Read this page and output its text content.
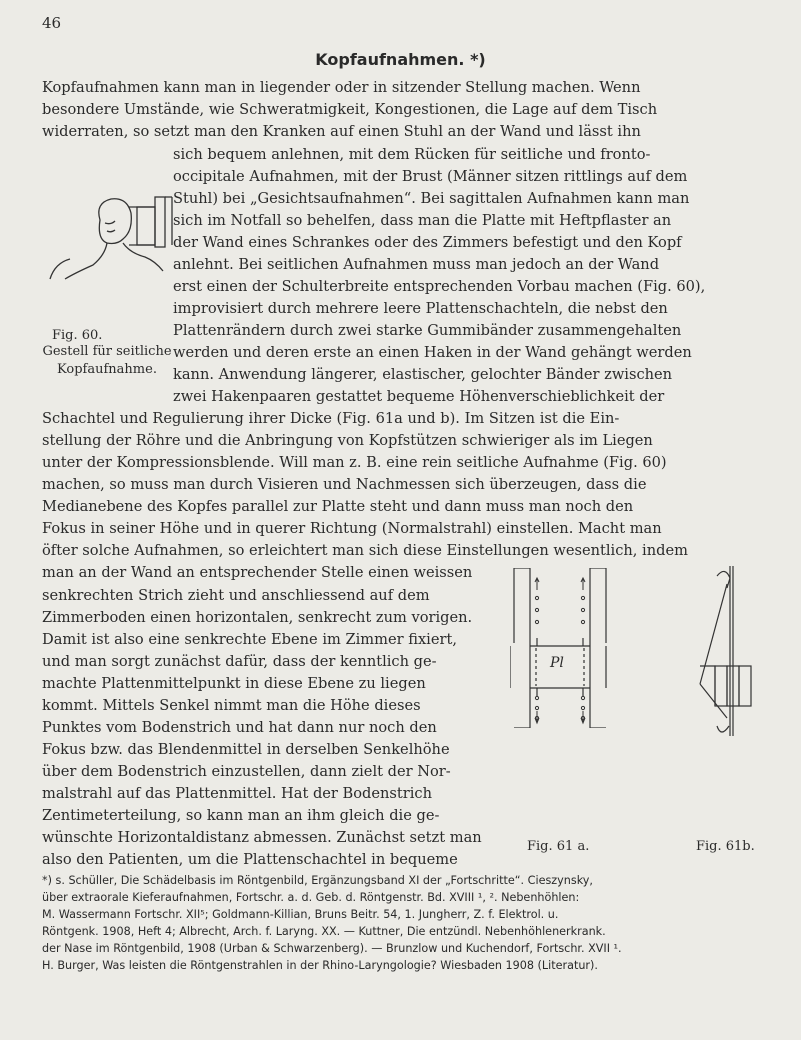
46
Kopfaufnahmen. *)
Kopfaufnahmen kann man in liegender oder in sitzender Stellung machen. Wenn
besondere Umstände, wie Schweratmigkeit, Kongestionen, die Lage auf dem Tisch
widerraten, so setzt man den Kranken auf einen Stuhl an der Wand und lässt ihn
sich bequem anlehnen, mit dem Rücken für seitliche und fronto-
occipitale Aufnahmen, mit der Brust (Männer sitzen rittlings auf dem
Stuhl) bei „Gesichtsaufnahmen“. Bei sagittalen Aufnahmen kann man
sich im Notfall so behelfen, dass man die Platte mit Heftpflaster an
der Wand eines Schrankes oder des Zimmers befestigt und den Kopf
anlehnt. Bei seitlichen Aufnahmen muss man jedoch an der Wand
erst einen der Schulterbreite entsprechenden Vorbau machen (Fig. 60),
improvisiert durch mehrere leere Plattenschachteln, die nebst den
Plattenrändern durch zwei starke Gummibänder zusammengehalten
werden und deren erste an einen Haken in der Wand gehängt werden
kann. Anwendung längerer, elastischer, gelochter Bänder zwischen
zwei Hakenpaaren gestattet bequeme Höhenverschieblichkeit der
Schachtel und Regulierung ihrer Dicke (Fig. 61a und b). Im Sitzen ist die Ein-
stellung der Röhre und die Anbringung von Kopfstützen schwieriger als im Liegen
unter der Kompressionsblende. Will man z. B. eine rein seitliche Aufnahme (Fig. 60)
machen, so muss man durch Visieren und Nachmessen sich überzeugen, dass die
Medianebene des Kopfes parallel zur Platte steht und dann muss man noch den
Fokus in seiner Höhe und in querer Richtung (Normalstrahl) einstellen. Macht man
öfter solche Aufnahmen, so erleichtert man sich diese Einstellungen wesentlich, indem
man an der Wand an entsprechender Stelle einen weissen
senkrechten Strich zieht und anschliessend auf dem
Zimmerboden einen horizontalen, senkrecht zum vorigen.
Damit ist also eine senkrechte Ebene im Zimmer fixiert,
und man sorgt zunächst dafür, dass der kenntlich ge-
machte Plattenmittelpunkt in diese Ebene zu liegen
kommt. Mittels Senkel nimmt man die Höhe dieses
Punktes vom Bodenstrich und hat dann nur noch den
Fokus bzw. das Blendenmittel in derselben Senkelhöhe
über dem Bodenstrich einzustellen, dann zielt der Nor-
malstrahl auf das Plattenmittel. Hat der Bodenstrich
Zentimeterteilung, so kann man an ihm gleich die ge-
wünschte Horizontaldistanz abmessen. Zunächst setzt man
also den Patienten, um die Plattenschachtel in bequeme
Fig. 60.
Gestell für seitliche
Kopfaufnahme.
Pl
Fig. 61 a.	Fig. 61b.
*) s. Schüller, Die Schädelbasis im Röntgenbild, Ergänzungsband XI der „Fortschritte“. Cieszynsky,
über extraorale Kieferaufnahmen, Fortschr. a. d. Geb. d. Röntgenstr. Bd. XVIII ¹, ². Nebenhöhlen:
M. Wassermann Fortschr. XII⁵; Goldmann-Killian, Bruns Beitr. 54, 1. Jungherr, Z. f. Elektrol. u.
Röntgenk. 1908, Heft 4; Albrecht, Arch. f. Laryng. XX. — Kuttner, Die entzündl. Nebenhöhlenerkrank.
der Nase im Röntgenbild, 1908 (Urban & Schwarzenberg). — Brunzlow und Kuchendorf, Fortschr. XVII ¹.
H. Burger, Was leisten die Röntgenstrahlen in der Rhino-Laryngologie? Wiesbaden 1908 (Literatur).
